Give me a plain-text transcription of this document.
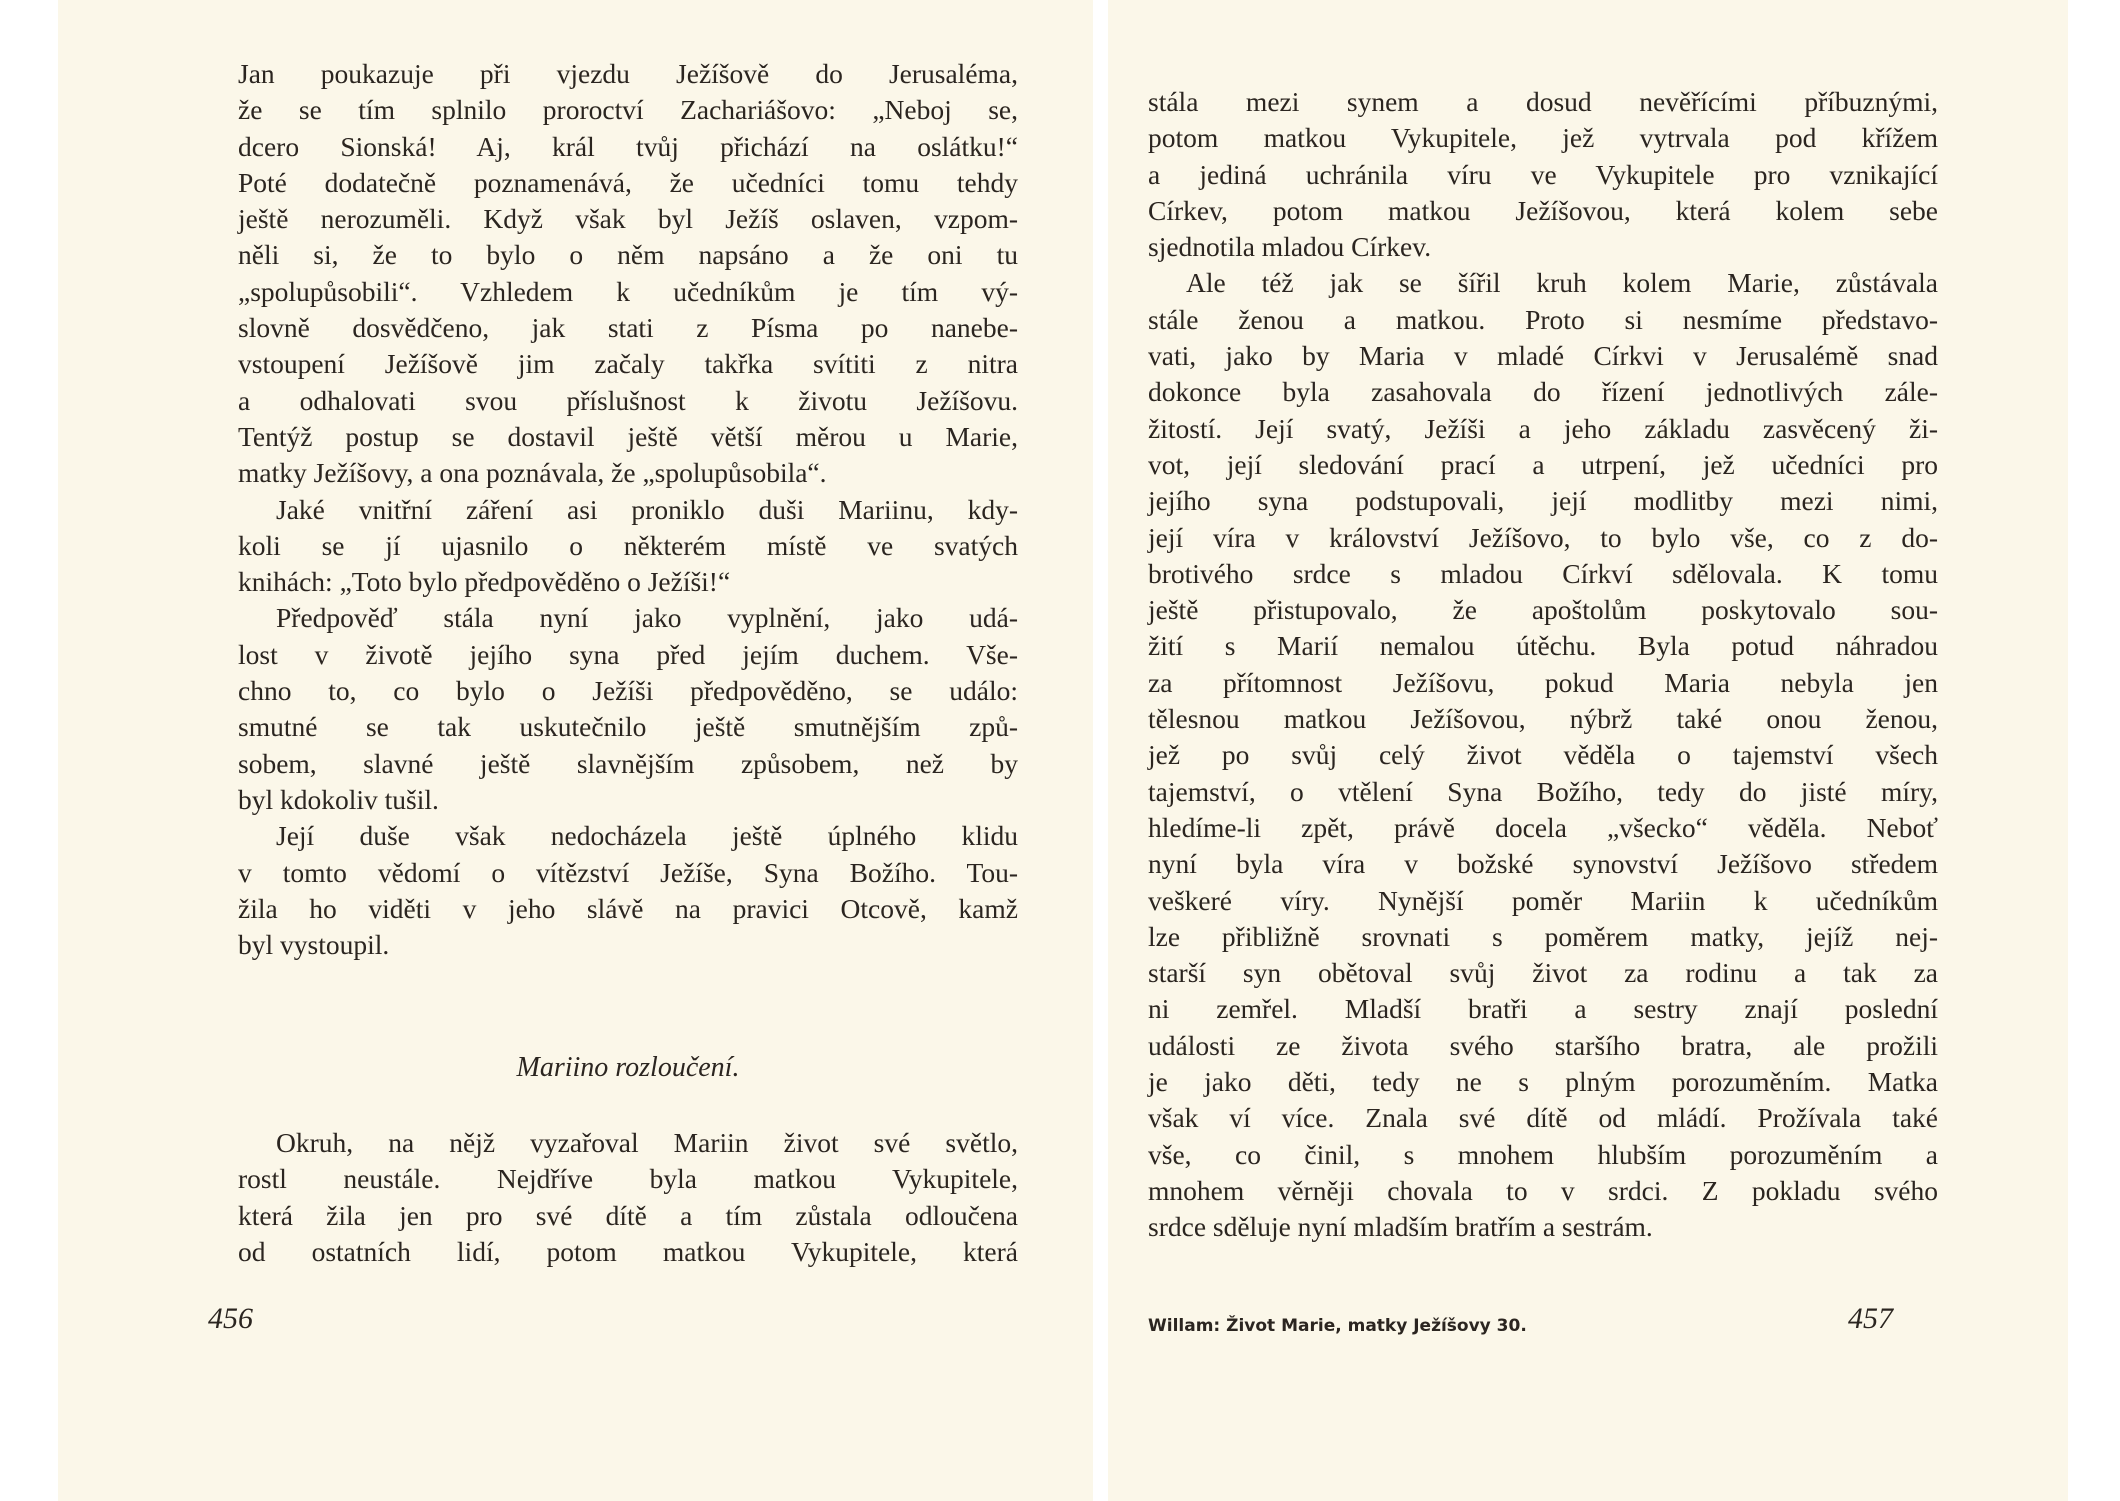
Jan poukazuje při vjezdu Ježíšově do Jerusaléma,
že se tím splnilo proroctví Zachariášovo: „Neboj se,
dcero Sionská! Aj, král tvůj přichází na oslátku!“
Poté dodatečně poznamenává, že učedníci tomu tehdy
ještě nerozuměli. Když však byl Ježíš oslaven, vzpom-
něli si, že to bylo o něm napsáno a že oni tu
„spolupůsobili“. Vzhledem k učedníkům je tím vý-
slovně dosvědčeno, jak stati z Písma po nanebe-
vstoupení Ježíšově jim začaly takřka svítiti z nitra
a odhalovati svou příslušnost k životu Ježíšovu.
Tentýž postup se dostavil ještě větší měrou u Marie,
matky Ježíšovy, a ona poznávala, že „spolupůsobila“.
Jaké vnitřní záření asi proniklo duši Mariinu, kdy-
koli se jí ujasnilo o některém místě ve svatých
knihách: „Toto bylo předpověděno o Ježíši!“
Předpověď stála nyní jako vyplnění, jako udá-
lost v životě jejího syna před jejím duchem. Vše-
chno to, co bylo o Ježíši předpověděno, se událo:
smutné se tak uskutečnilo ještě smutnějším způ-
sobem, slavné ještě slavnějším způsobem, než by
byl kdokoliv tušil.
Její duše však nedocházela ještě úplného klidu
v tomto vědomí o vítězství Ježíše, Syna Božího. Tou-
žila ho viděti v jeho slávě na pravici Otcově, kamž
byl vystoupil.
Mariino rozloučení.
Okruh, na nějž vyzařoval Mariin život své světlo,
rostl neustále. Nejdříve byla matkou Vykupitele,
která žila jen pro své dítě a tím zůstala odloučena
od ostatních lidí, potom matkou Vykupitele, která
456
stála mezi synem a dosud nevěřícími příbuznými,
potom matkou Vykupitele, jež vytrvala pod křížem
a jediná uchránila víru ve Vykupitele pro vznikající
Církev, potom matkou Ježíšovou, která kolem sebe
sjednotila mladou Církev.
Ale též jak se šířil kruh kolem Marie, zůstávala
stále ženou a matkou. Proto si nesmíme představo-
vati, jako by Maria v mladé Církvi v Jerusalémě snad
dokonce byla zasahovala do řízení jednotlivých zále-
žitostí. Její svatý, Ježíši a jeho základu zasvěcený ži-
vot, její sledování prací a utrpení, jež učedníci pro
jejího syna podstupovali, její modlitby mezi nimi,
její víra v království Ježíšovo, to bylo vše, co z do-
brotivého srdce s mladou Církví sdělovala. K tomu
ještě přistupovalo, že apoštolům poskytovalo sou-
žití s Marií nemalou útěchu. Byla potud náhradou
za přítomnost Ježíšovu, pokud Maria nebyla jen
tělesnou matkou Ježíšovou, nýbrž také onou ženou,
jež po svůj celý život věděla o tajemství všech
tajemství, o vtělení Syna Božího, tedy do jisté míry,
hledíme-li zpět, právě docela „všecko“ věděla. Neboť
nyní byla víra v božské synovství Ježíšovo středem
veškeré víry. Nynější poměr Mariin k učedníkům
lze přibližně srovnati s poměrem matky, jejíž nej-
starší syn obětoval svůj život za rodinu a tak za
ni zemřel. Mladší bratři a sestry znají poslední
události ze života svého staršího bratra, ale prožili
je jako děti, tedy ne s plným porozuměním. Matka
však ví více. Znala své dítě od mládí. Prožívala také
vše, co činil, s mnohem hlubším porozuměním a
mnohem věrněji chovala to v srdci. Z pokladu svého
srdce sděluje nyní mladším bratřím a sestrám.
Willam: Život Marie, matky Ježíšovy 30.	457
